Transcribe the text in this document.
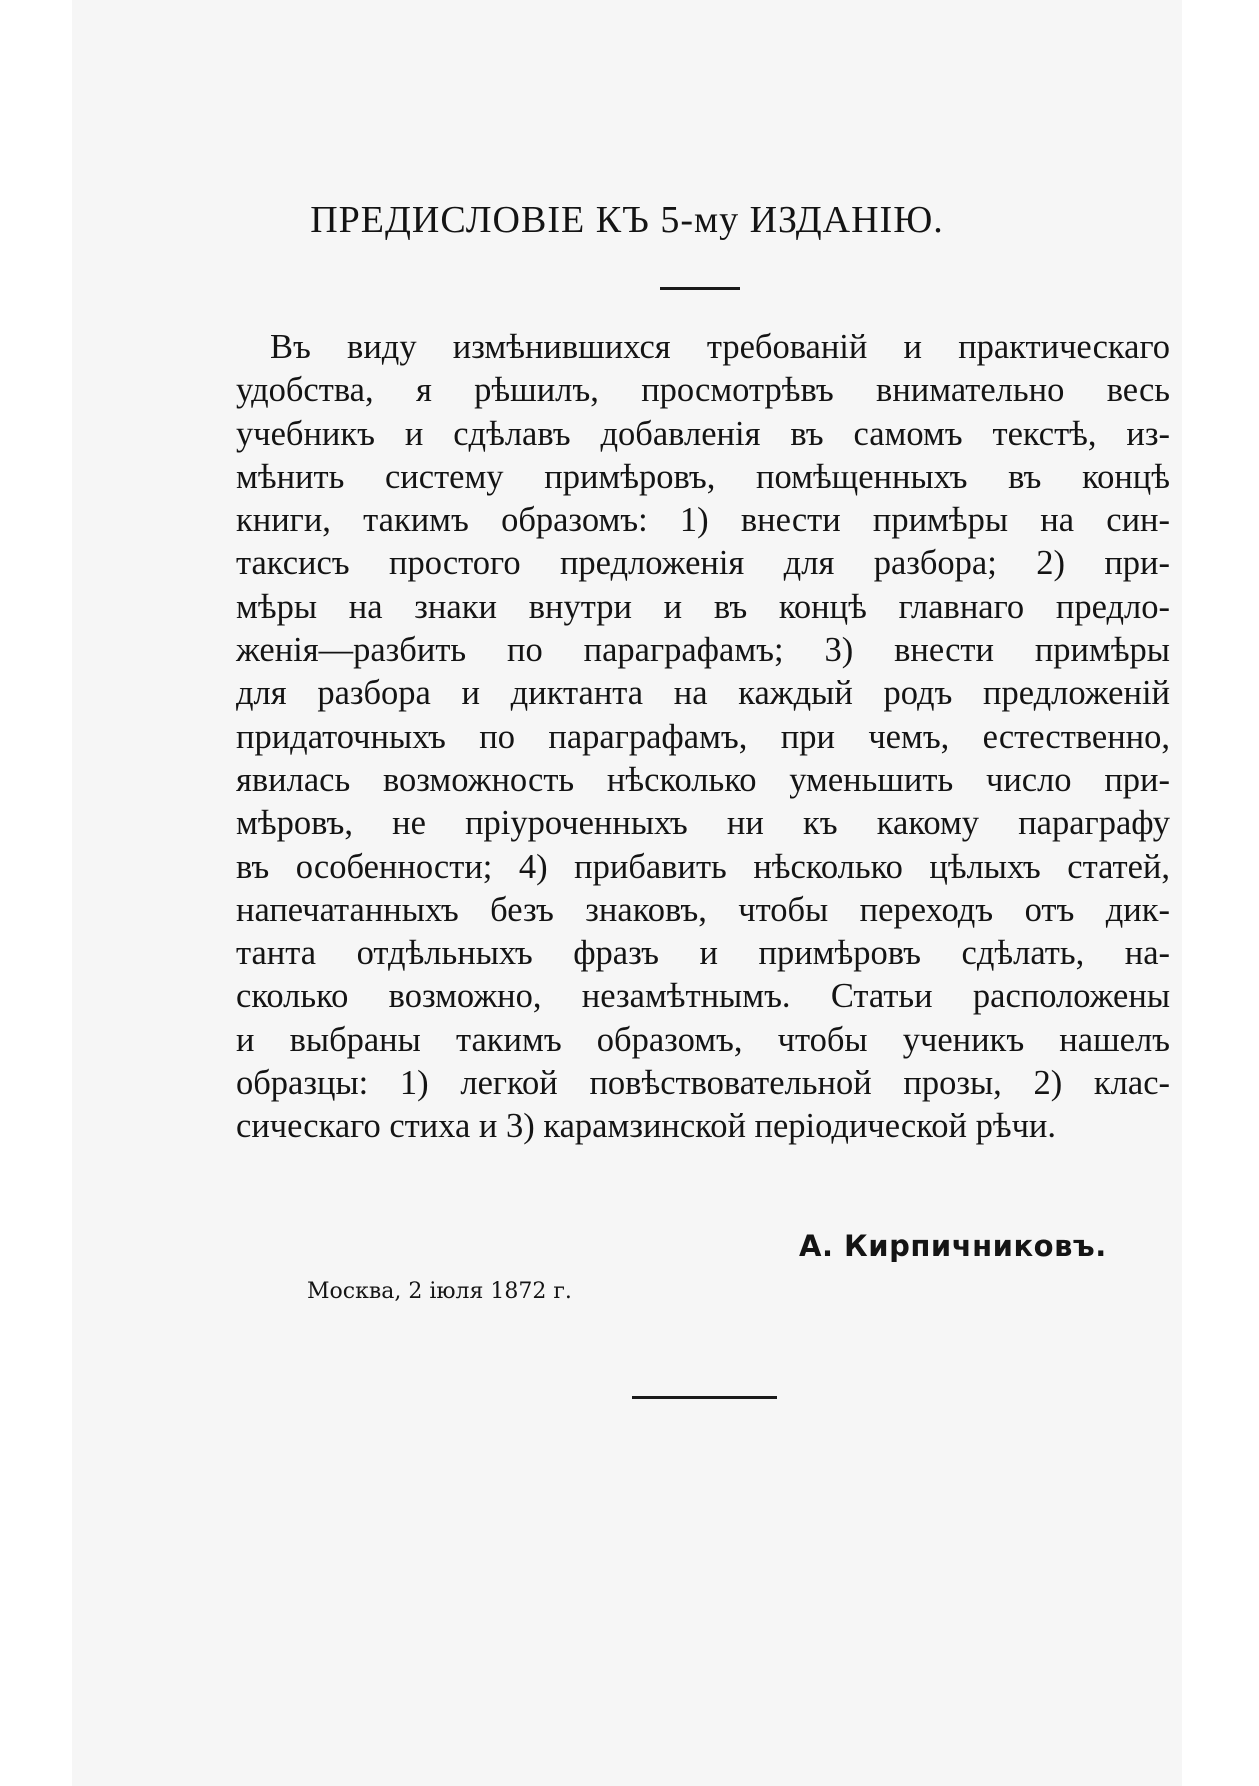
ПРЕДИСЛОВІЕ КЪ 5-му ИЗДАНІЮ.
Въ виду измѣнившихся требованій и практическаго
удобства, я рѣшилъ, просмотрѣвъ внимательно весь
учебникъ и сдѣлавъ добавленія въ самомъ текстѣ, из-
мѣнить систему примѣровъ, помѣщенныхъ въ концѣ
книги, такимъ образомъ: 1) внести примѣры на син-
таксисъ простого предложенія для разбора; 2) при-
мѣры на знаки внутри и въ концѣ главнаго предло-
женія—разбить по параграфамъ; 3) внести примѣры
для разбора и диктанта на каждый родъ предложеній
придаточныхъ по параграфамъ, при чемъ, естественно,
явилась возможность нѣсколько уменьшить число при-
мѣровъ, не пріуроченныхъ ни къ какому параграфу
въ особенности; 4) прибавить нѣсколько цѣлыхъ статей,
напечатанныхъ безъ знаковъ, чтобы переходъ отъ дик-
танта отдѣльныхъ фразъ и примѣровъ сдѣлать, на-
сколько возможно, незамѣтнымъ. Статьи расположены
и выбраны такимъ образомъ, чтобы ученикъ нашелъ
образцы: 1) легкой повѣствовательной прозы, 2) клас-
сическаго стиха и 3) карамзинской періодической рѣчи.
А. Кирпичниковъ.
Москва, 2 іюля 1872 г.
